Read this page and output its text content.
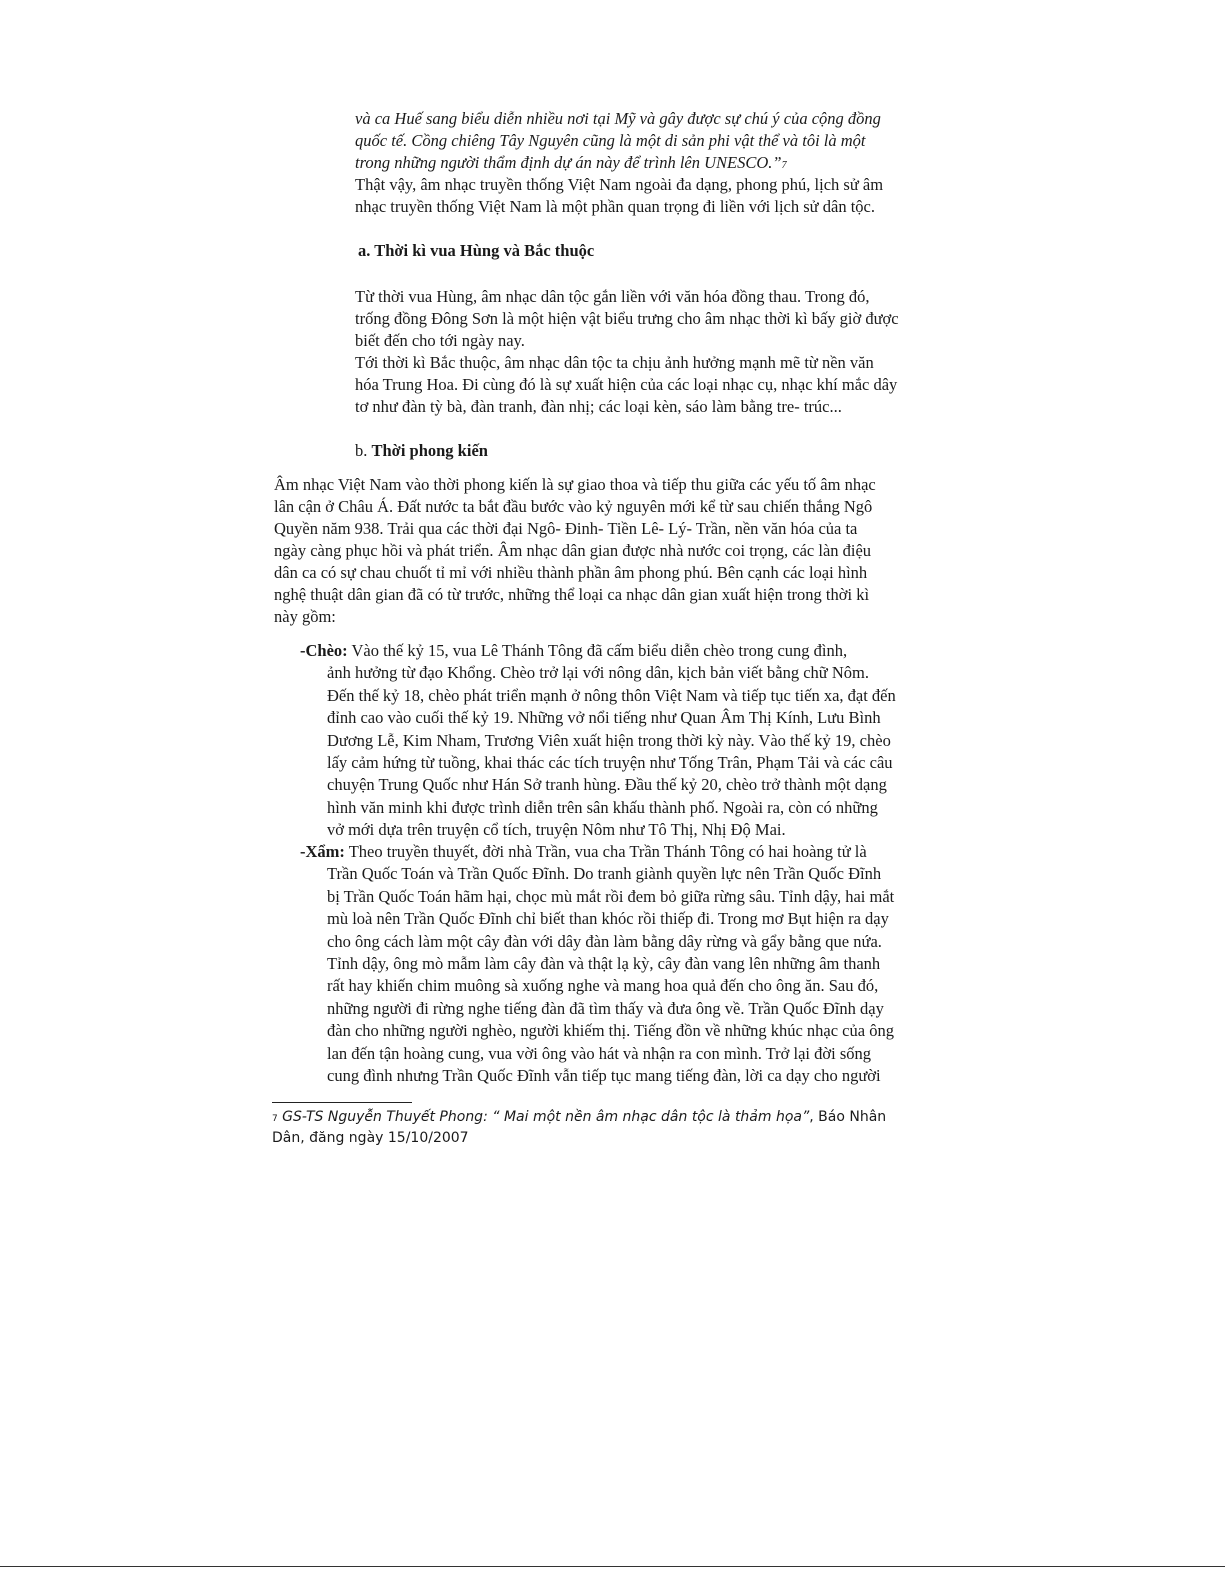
và ca Huế sang biểu diễn nhiều nơi tại Mỹ và gây được sự chú ý của cộng đồng
quốc tế. Cồng chiêng Tây Nguyên cũng là một di sản phi vật thể và tôi là một
trong những người thẩm định dự án này để trình lên UNESCO.”7

Thật vậy, âm nhạc truyền thống Việt Nam ngoài đa dạng, phong phú, lịch sử âm
nhạc truyền thống Việt Nam là một phần quan trọng đi liền với lịch sử dân tộc.

a. Thời kì vua Hùng và Bắc thuộc

Từ thời vua Hùng, âm nhạc dân tộc gắn liền với văn hóa đồng thau. Trong đó,
trống đồng Đông Sơn là một hiện vật biểu trưng cho âm nhạc thời kì bấy giờ được
biết đến cho tới ngày nay.
Tới thời kì Bắc thuộc, âm nhạc dân tộc ta chịu ảnh hưởng mạnh mẽ từ nền văn
hóa Trung Hoa. Đi cùng đó là sự xuất hiện của các loại nhạc cụ, nhạc khí mắc dây
tơ như đàn tỳ bà, đàn tranh, đàn nhị; các loại kèn, sáo làm bằng tre- trúc...

b. Thời phong kiến

Âm nhạc Việt Nam vào thời phong kiến là sự giao thoa và tiếp thu giữa các yếu tố âm nhạc
lân cận ở Châu Á. Đất nước ta bắt đầu bước vào kỷ nguyên mới kể từ sau chiến thắng Ngô
Quyền năm 938. Trải qua các thời đại Ngô- Đinh- Tiền Lê- Lý- Trần, nền văn hóa của ta
ngày càng phục hồi và phát triển. Âm nhạc dân gian được nhà nước coi trọng, các làn điệu
dân ca có sự chau chuốt tỉ mỉ với nhiều thành phần âm phong phú. Bên cạnh các loại hình
nghệ thuật dân gian đã có từ trước, những thể loại ca nhạc dân gian xuất hiện trong thời kì
này gồm:

-Chèo: Vào thế kỷ 15, vua Lê Thánh Tông đã cấm biểu diễn chèo trong cung đình,
ảnh hưởng từ đạo Khổng. Chèo trở lại với nông dân, kịch bản viết bằng chữ Nôm.
Đến thế kỷ 18, chèo phát triển mạnh ở nông thôn Việt Nam và tiếp tục tiến xa, đạt đến
đỉnh cao vào cuối thế kỷ 19. Những vở nổi tiếng như Quan Âm Thị Kính, Lưu Bình
Dương Lễ, Kim Nham, Trương Viên xuất hiện trong thời kỳ này. Vào thế kỷ 19, chèo
lấy cảm hứng từ tuồng, khai thác các tích truyện như Tống Trân, Phạm Tải và các câu
chuyện Trung Quốc như Hán Sở tranh hùng. Đầu thế kỷ 20, chèo trở thành một dạng
hình văn minh khi được trình diễn trên sân khấu thành phố. Ngoài ra, còn có những
vở mới dựa trên truyện cổ tích, truyện Nôm như Tô Thị, Nhị Độ Mai.
-Xẩm: Theo truyền thuyết, đời nhà Trần, vua cha Trần Thánh Tông có hai hoàng tử là
Trần Quốc Toán và Trần Quốc Đĩnh. Do tranh giành quyền lực nên Trần Quốc Đĩnh
bị Trần Quốc Toán hãm hại, chọc mù mắt rồi đem bỏ giữa rừng sâu. Tỉnh dậy, hai mắt
mù loà nên Trần Quốc Đĩnh chỉ biết than khóc rồi thiếp đi. Trong mơ Bụt hiện ra dạy
cho ông cách làm một cây đàn với dây đàn làm bằng dây rừng và gẩy bằng que nứa.
Tỉnh dậy, ông mò mẫm làm cây đàn và thật lạ kỳ, cây đàn vang lên những âm thanh
rất hay khiến chim muông sà xuống nghe và mang hoa quả đến cho ông ăn. Sau đó,
những người đi rừng nghe tiếng đàn đã tìm thấy và đưa ông về. Trần Quốc Đĩnh dạy
đàn cho những người nghèo, người khiếm thị. Tiếng đồn về những khúc nhạc của ông
lan đến tận hoàng cung, vua vời ông vào hát và nhận ra con mình. Trở lại đời sống
cung đình nhưng Trần Quốc Đĩnh vẫn tiếp tục mang tiếng đàn, lời ca dạy cho người

7 GS-TS Nguyễn Thuyết Phong: “ Mai một nền âm nhạc dân tộc là thảm họa”, Báo Nhân
Dân, đăng ngày 15/10/2007
